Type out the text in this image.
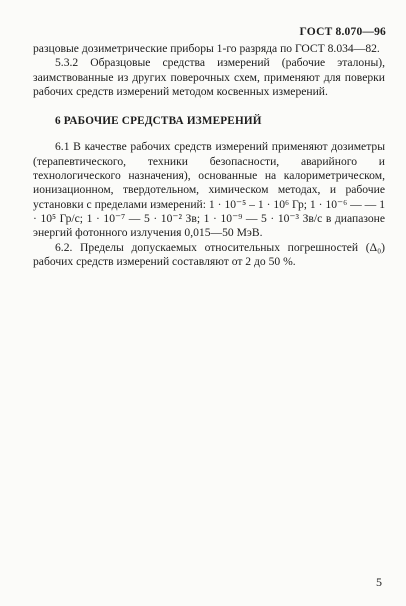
ГОСТ 8.070—96

разцовые дозиметрические приборы 1-го разряда по ГОСТ 8.034—82.

5.3.2 Образцовые средства измерений (рабочие эталоны), заимствованные из других поверочных схем, применяют для поверки рабочих средств измерений методом косвенных измерений.

6 РАБОЧИЕ СРЕДСТВА ИЗМЕРЕНИЙ

6.1 В качестве рабочих средств измерений применяют дозиметры (терапевтического, техники безопасности, аварийного и технологического назначения), основанные на калориметрическом, ионизационном, твердотельном, химическом методах, и рабочие установки с пределами измерений: 1 · 10⁻⁵ – 1 · 10⁶ Гр; 1 · 10⁻⁶ — — 1 · 10⁵ Гр/с; 1 · 10⁻⁷ — 5 · 10⁻² Зв; 1 · 10⁻⁹ — 5 · 10⁻³ Зв/с в диапазоне энергий фотонного излучения 0,015—50 МэВ.

6.2. Пределы допускаемых относительных погрешностей (Δ₀) рабочих средств измерений составляют от 2 до 50 %.

5
